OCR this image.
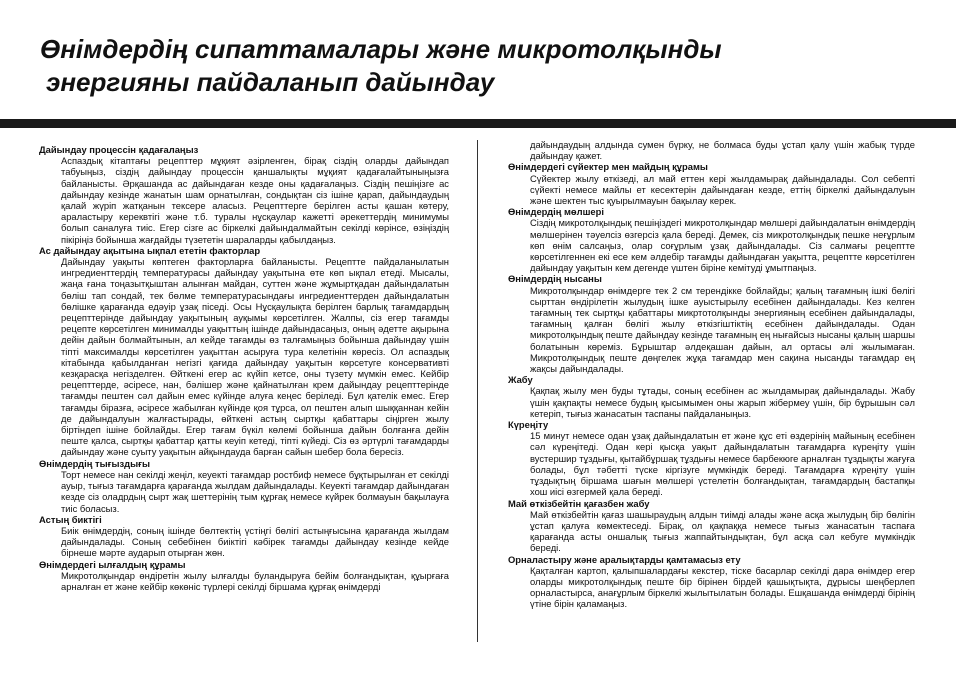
Өнімдердің сипаттамалары және микротолқынды
энергияны пайдаланып дайындау
Дайындау процессін қадағалаңыз

Аспаздық кітаптағы рецепттер мұқият әзірленген, бірақ сіздің оларды дайындап табуыңыз, сіздің дайындау процессін қаншалықты мұқият қадағалайтыныңызға байланысты. Әрқашанда ас дайындаған кезде оны қадағалаңыз. Сіздің пешіңізге ас дайындау кезінде жанатын шам орнатылған, сондықтан сіз ішіне қарап, дайындаудың қалай жүріп жатқанын тексере аласыз. Рецепттерге берілген асты қашан көтеру, араластыру кереквтігі және т.б. туралы нұсқаулар кажетті әрекеттердің минимумы болып саналуға тиіс. Егер сізге ас біркелкі дайындалмайтын секілді көрінсе, өзіңіздің пікіріңіз бойынша жағдайды түзететін шараларды қабылдаңыз.

Ас дайындау ақытына ықпал ететін факторлар

Дайындау уақыты көптеген факторларға байланысты. Рецептте пайдаланылатын ингредиенттердің температурасы дайындау уақытына өте көп ықпал етеді. Мысалы, жаңа ғана тоңазытқыштан алынған майдан, суттен және жұмыртқадан дайындалатын бөліш тап сондай, тек бөлме температурасындағы ингредиенттерден дайындалатын бөлішке қарағанда едәуір ұзақ піседі. Осы Нұсқаулықта берілген барлық тағамдардың рецепттерінде дайындау уақытының ауқымы көрсетілген. Жалпы, сіз егер тағамды рецепте көрсетілген минималды уақыттың ішінде дайындасаңыз, оның әдетте ақырына дейін дайын болмайтынын, ал кейде тағамды өз талғамыңыз бойынша дайындау үшін тіпті максималды көрсетілген уақыттан асыруға тура келетінін көресіз. Ол аспаздық кітабында қабылданған негізгі қағида дайындау уақытын көрсетуге консервативті кезқарасқа негізделген. Өйткені егер ас күйіп кетсе, оны түзету мүмкін емес. Кейбір рецепттерде, әсіресе, нан, бәлішер және қайнатылған крем дайындау рецепттерінде тағамды пештен сәл дайын емес күйінде алуға кеңес беріледі. Бұл қателік емес. Егер тағамды біразға, әсіресе жабылған күйінде қоя тұрса, ол пештен алып шыққаннан кейін де дайындалуын жалғастырады, өйткені астың сыртқы қабаттары сіңірген жылу біртіндеп ішіне бойлайды. Егер тағам бүкіл көлемі бойынша дайын болғанға дейін пеште қалса, сыртқы қабаттар қатты кеуіп кетеді, тіпті күйеді. Сіз өз әртүрлі тағамдарды дайындау және суыту уақытын айқындауда барған сайын шебер бола бересіз.

Өнімдердің тығыздығы

Торт немесе нан секілді жеңіл, кеуекті тағамдар ростбиф немесе бұқтырылған ет секілді ауыр, тығыз тағамдарға қарағанда жылдам дайындалады. Кеуекті тағамдар дайындаған кезде сіз оладрдың сырт жақ шеттерінің тым құрғақ немесе күйрек болмауын бақылауға тиіс боласыз.

Астың биктігі

Биік өнімдердің, соның ішінде бөлтектің үстіңгі бөлігі астыңғысына қарағанда жылдам дайындалады. Соның себебінен биіктігі кәбірек тағамды дайындау кезінде кейде бірнеше мәрте аударып отырған жөн.

Өнімдердегі ылғалдың құрамы

Микротолқындар өндіретін жылу ылғалды буландыруға бейім болғандықтан, құырғаға арналған ет және кейбір көкөніс түрлері секілді біршама құрғақ өнімдерді

дайындаудың алдында сумен бүрку, не болмаса буды ұстап қалу үшін жабық түрде дайындау қажет.

Өнімдердегі сүйектер мен майдың құрамы

Сүйектер жылу өткізеді, ал май еттен кері жылдамырақ дайындалады. Сол себепті сүйекті немесе майлы ет кесектерін дайындаған кезде, еттің біркелкі дайындалуын және шектен тыс қуырылмауын бақылау керек.

Өнімдердің мөлшері

Сіздің микротолқындық пешіңіздегі микротолқындар мөлшері дайындалатын өнімдердің мөлшерінен тәуелсіз өзгерсіз қала береді. Демек, сіз микротолқындық пешке неғұрлым көп өнім салсаңыз, олар соғұрлым ұзақ дайындалады. Сіз салмағы рецептте көрсетілгеннен екі есе кем әлдебір тағамды дайындаған уақытта, рецептте көрсетілген дайындау уақытын кем дегенде үштен біріне кемітуді ұмытпаңыз.

Өнімдердің нысаны

Микротолқындар өнімдерге тек 2 см терендікке бойлайды; қалың тағамның ішкі бөлігі сырттан өндірілетін жылудың ішке ауыстырылу есебінен дайындалады. Кез келген тағамның тек сыртқы қабаттары микртотолқынды энергияның есебінен дайындалады, тағамның қалған бөлігі жылу өткізгіштіктің есебінен дайындалады. Одан микротолқындық пеште дайындау кезінде тағамның ең нығайсыз нысаны қалың шаршы болатынын көреміз. Бұрыштар әлдеқашан дайын, ал ортасы әлі жылымаған. Микротолқындық пеште дөңгелек жұқа тағамдар мен сақина нысанды тағамдар ең жақсы дайындалады.

Жабу

Қақпақ жылу мен буды тұтады, соның есебінен ас жылдамырақ дайындалады. Жабу үшін қақпақты немесе будың қысымымен оны жарып жібермеу үшін, бір бұрышын сәл кетеріп, тығыз жанасатын таспаны пайдаланыңыз.

Күреңіту

15 минут немесе одан ұзақ дайындалатын ет және құс еті өздерінің майының есебінен сәл күреңітеді. Одан кері қысқа уақыт дайындалатын тағамдарға күреңіту үшін вустершир тұздығы, қытайбұршақ тұздығы немесе барбекюге арналған тұздықты жағуға болады, бұл тәбетті түске кіргізуге мүмкіндік береді. Тағамдарға күреңіту үшін тұздықтың біршама шағын мөлшері үстелетін болғандықтан, тағамдардың бастапқы хош иісі өзгермей қала береді.

Май өткізбейтін қағазбен жабу

Май өткізбейтін қағаз шашыраудың алдын тиімді алады және асқа жылудың бір бөлігін ұстап қалуға көмектеседі. Бірақ, ол қақпаққа немесе тығыз жанасатын таспаға қарағанда асты оншалық тығыз жаппайтындықтан, бұл асқа сәл кебуге мүмкіндік береді.

Орналастыру және аралықтарды қамтамасыз ету

Қақталған картоп, қалыпшалардағы кекстер, тіске басарлар секілді дара өнімдер егер оларды микротолқындық пеште бір бірінен бірдей қашықтықта, дұрысы шеңберлеп орналастырса, анағұрлым біркелкі жылытылатын болады. Ешқашанда өнімдерді бірінің үтіне бірін қаламаңыз.
